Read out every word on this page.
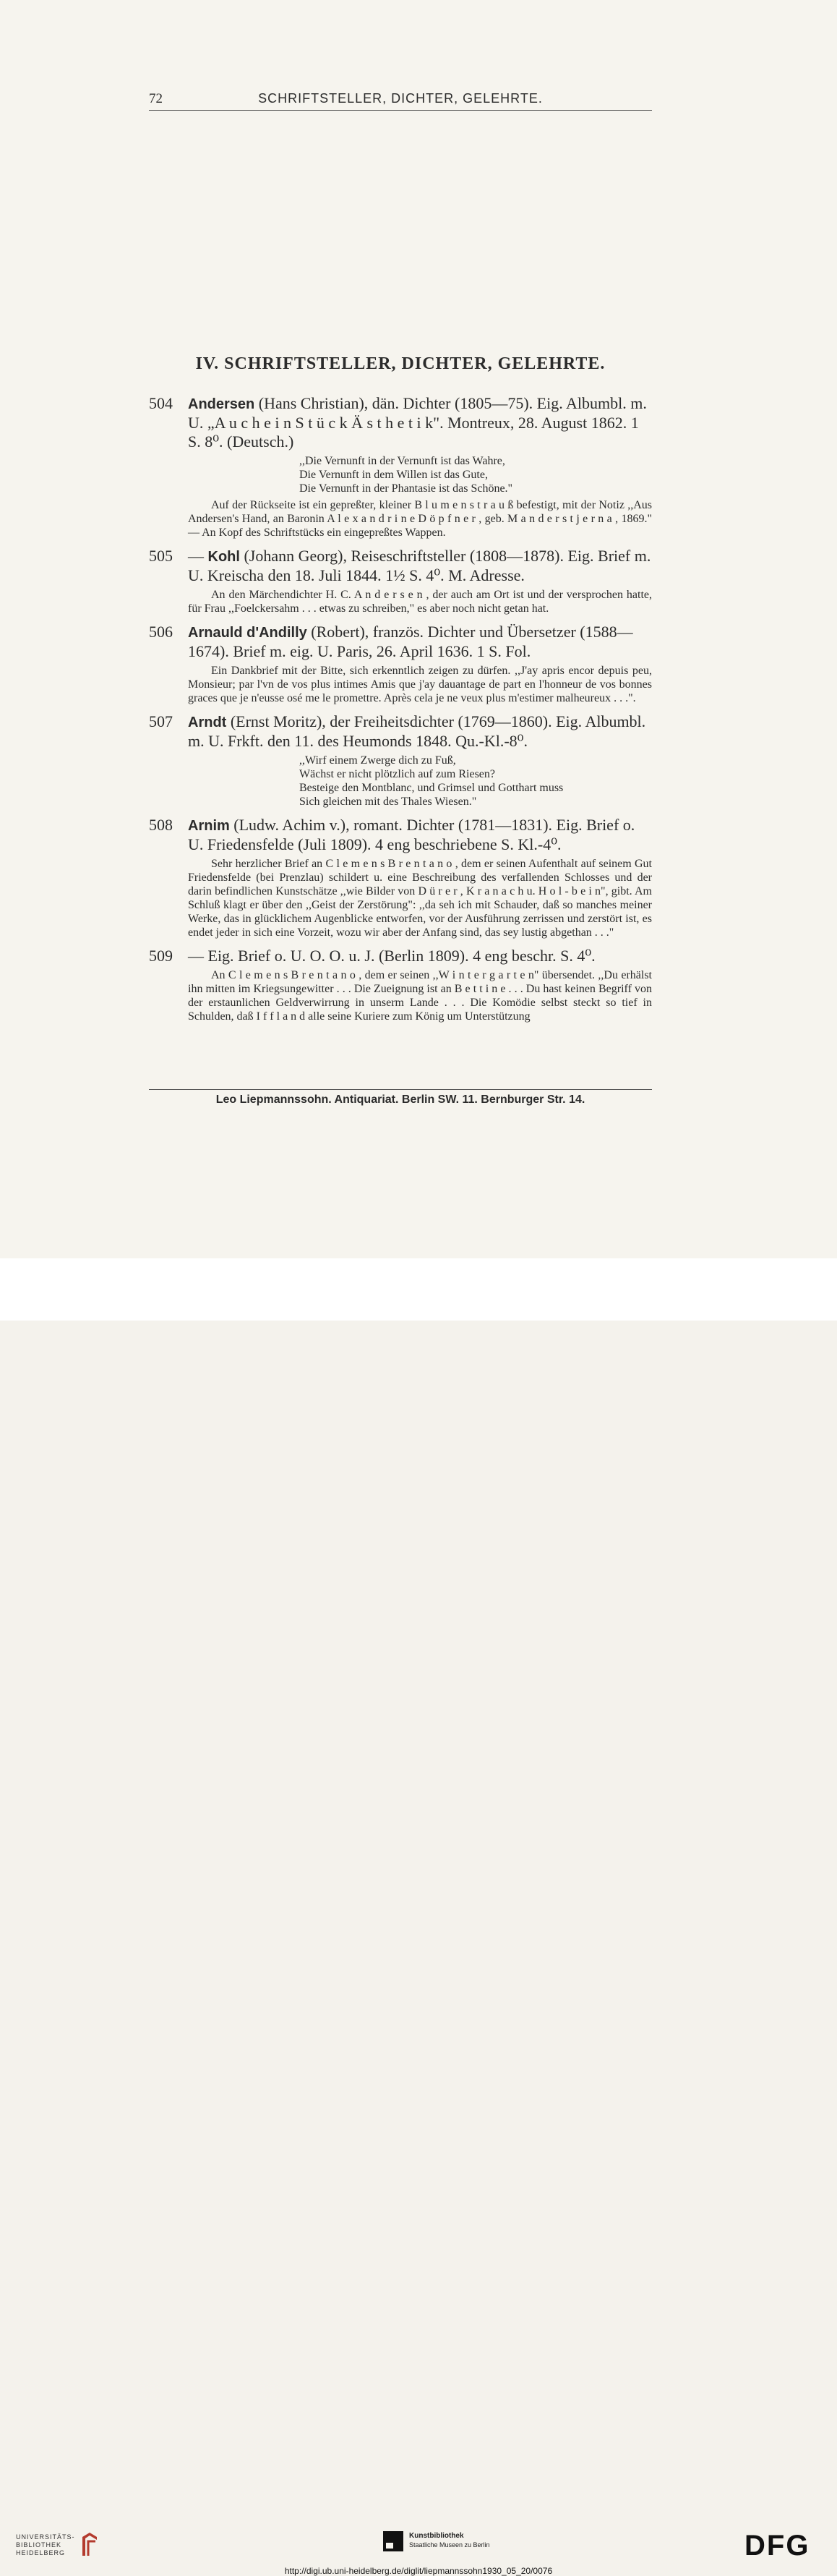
72	SCHRIFTSTELLER, DICHTER, GELEHRTE.
IV. SCHRIFTSTELLER, DICHTER, GELEHRTE.
504 Andersen (Hans Christian), dän. Dichter (1805—75). Eig. Albumbl. m. U. „A u c h e i n S t ü c k Ä s t h e t i k". Montreux, 28. August 1862. 1 S. 8⁰. (Deutsch.)
,,Die Vernunft in der Vernunft ist das Wahre,
Die Vernunft in dem Willen ist das Gute,
Die Vernunft in der Phantasie ist das Schöne."
Auf der Rückseite ist ein gepreßter, kleiner B l u m e n s t r a u ß befestigt, mit der Notiz ,,Aus Andersen's Hand, an Baronin A l e x a n d r i n e D ö p f n e r , geb. M a n d e r s t j e r n a , 1869." — An Kopf des Schriftstücks ein eingepreßtes Wappen.
505 — Kohl (Johann Georg), Reiseschriftsteller (1808—1878). Eig. Brief m. U. Kreischa den 18. Juli 1844. 1½ S. 4⁰. M. Adresse.
An den Märchendichter H. C. A n d e r s e n , der auch am Ort ist und der versprochen hatte, für Frau ,,Foelckersahm . . . etwas zu schreiben," es aber noch nicht getan hat.
506 Arnauld d'Andilly (Robert), französ. Dichter und Übersetzer (1588—1674). Brief m. eig. U. Paris, 26. April 1636. 1 S. Fol.
Ein Dankbrief mit der Bitte, sich erkenntlich zeigen zu dürfen. ,,J'ay apris encor depuis peu, Monsieur; par l'vn de vos plus intimes Amis que j'ay dauantage de part en l'honneur de vos bonnes graces que je n'eusse osé me le promettre. Après cela je ne veux plus m'estimer malheureux . . .".
507 Arndt (Ernst Moritz), der Freiheitsdichter (1769—1860). Eig. Albumbl. m. U. Frkft. den 11. des Heumonds 1848. Qu.-Kl.-8⁰.
,,Wirf einem Zwerge dich zu Fuß,
Wächst er nicht plötzlich auf zum Riesen?
Besteige den Montblanc, und Grimsel und Gotthart muss
Sich gleichen mit des Thales Wiesen."
508 Arnim (Ludw. Achim v.), romant. Dichter (1781—1831). Eig. Brief o. U. Friedensfelde (Juli 1809). 4 eng beschriebene S. Kl.-4⁰.
Sehr herzlicher Brief an C l e m e n s B r e n t a n o , dem er seinen Aufenthalt auf seinem Gut Friedensfelde (bei Prenzlau) schildert u. eine Beschreibung des verfallenden Schlosses und der darin befindlichen Kunstschätze ,,wie Bilder von D ü r e r , K r a n a c h u. H o l - b e i n", gibt. Am Schluß klagt er über den ,,Geist der Zerstörung": ,,da seh ich mit Schauder, daß so manches meiner Werke, das in glücklichem Augenblicke entworfen, vor der Ausführung zerrissen und zerstört ist, es endet jeder in sich eine Vorzeit, wozu wir aber der Anfang sind, das sey lustig abgethan . . ."
509 — Eig. Brief o. U. O. O. u. J. (Berlin 1809). 4 eng beschr. S. 4⁰.
An C l e m e n s B r e n t a n o , dem er seinen ,,W i n t e r g a r t e n" übersendet. ,,Du erhälst ihn mitten im Kriegsungewitter . . . Die Zueignung ist an B e t t i n e . . . Du hast keinen Begriff von der erstaunlichen Geldverwirrung in unserm Lande . . . Die Komödie selbst steckt so tief in Schulden, daß I f f l a n d alle seine Kuriere zum König um Unterstützung
Leo Liepmannssohn. Antiquariat. Berlin SW. 11. Bernburger Str. 14.
UNIVERSITÄTS-
BIBLIOTHEK
HEIDELBERG
Kunstbibliothek
Staatliche Museen zu Berlin	DFG
http://digi.ub.uni-heidelberg.de/diglit/liepmannssohn1930_05_20/0076
